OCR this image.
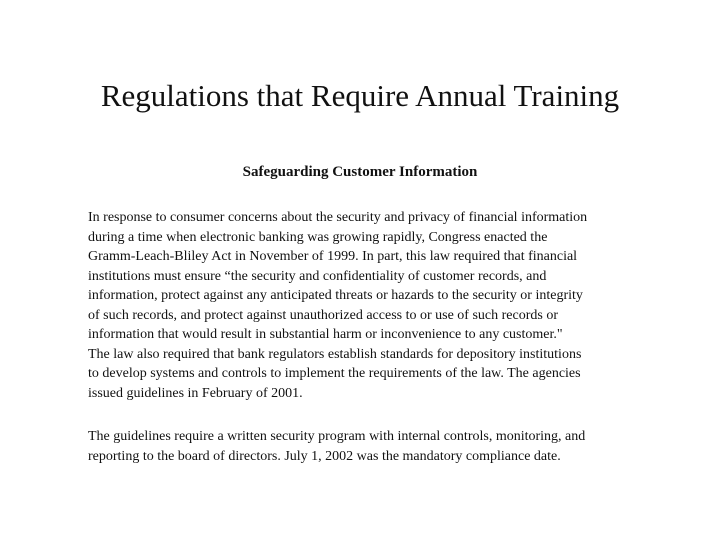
Regulations that Require Annual Training
Safeguarding Customer Information
In response to consumer concerns about the security and privacy of financial information
during a time when electronic banking was growing rapidly, Congress enacted the
Gramm-Leach-Bliley Act in November of 1999. In part, this law required that financial
institutions must ensure “the security and confidentiality of customer records, and
information, protect against any anticipated threats or hazards to the security or integrity
of such records, and protect against unauthorized access to or use of such records or
information that would result in substantial harm or inconvenience to any customer."
The law also required that bank regulators establish standards for depository institutions
to develop systems and controls to implement the requirements of the law. The agencies
issued guidelines in February of 2001.
The guidelines require a written security program with internal controls, monitoring, and
reporting to the board of directors. July 1, 2002 was the mandatory compliance date.
